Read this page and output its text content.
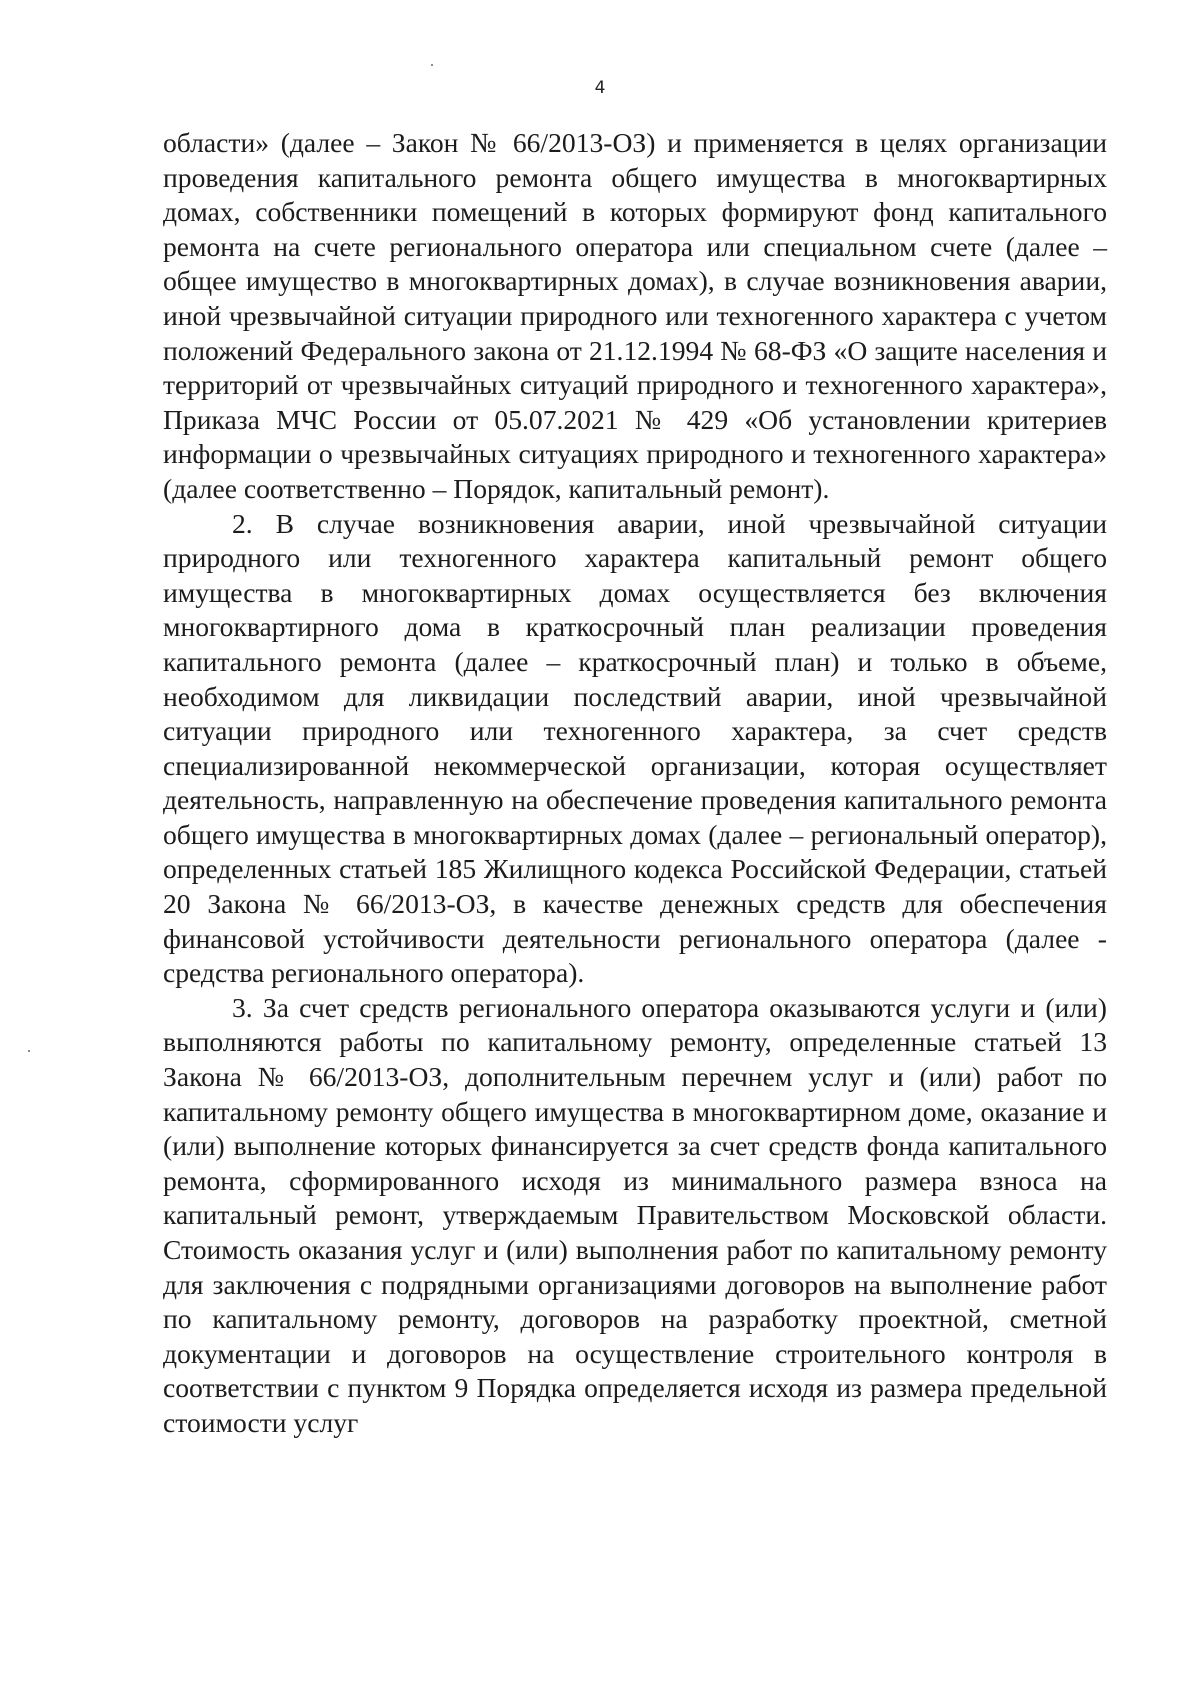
4

области» (далее – Закон № 66/2013-ОЗ) и применяется в целях организации проведения капитального ремонта общего имущества в многоквартирных домах, собственники помещений в которых формируют фонд капитального ремонта на счете регионального оператора или специальном счете (далее – общее имущество в многоквартирных домах), в случае возникновения аварии, иной чрезвычайной ситуации природного или техногенного характера с учетом положений Федерального закона от 21.12.1994 № 68-ФЗ «О защите населения и территорий от чрезвычайных ситуаций природного и техногенного характера», Приказа МЧС России от 05.07.2021 № 429 «Об установлении критериев информации о чрезвычайных ситуациях природного и техногенного характера» (далее соответственно – Порядок, капитальный ремонт).

2. В случае возникновения аварии, иной чрезвычайной ситуации природного или техногенного характера капитальный ремонт общего имущества в многоквартирных домах осуществляется без включения многоквартирного дома в краткосрочный план реализации проведения капитального ремонта (далее – краткосрочный план) и только в объеме, необходимом для ликвидации последствий аварии, иной чрезвычайной ситуации природного или техногенного характера, за счет средств специализированной некоммерческой организации, которая осуществляет деятельность, направленную на обеспечение проведения капитального ремонта общего имущества в многоквартирных домах (далее – региональный оператор), определенных статьей 185 Жилищного кодекса Российской Федерации, статьей 20 Закона № 66/2013-ОЗ, в качестве денежных средств для обеспечения финансовой устойчивости деятельности регионального оператора (далее - средства регионального оператора).

3. За счет средств регионального оператора оказываются услуги и (или) выполняются работы по капитальному ремонту, определенные статьей 13 Закона № 66/2013-ОЗ, дополнительным перечнем услуг и (или) работ по капитальному ремонту общего имущества в многоквартирном доме, оказание и (или) выполнение которых финансируется за счет средств фонда капитального ремонта, сформированного исходя из минимального размера взноса на капитальный ремонт, утверждаемым Правительством Московской области. Стоимость оказания услуг и (или) выполнения работ по капитальному ремонту для заключения с подрядными организациями договоров на выполнение работ по капитальному ремонту, договоров на разработку проектной, сметной документации и договоров на осуществление строительного контроля в соответствии с пунктом 9 Порядка определяется исходя из размера предельной стоимости услуг
